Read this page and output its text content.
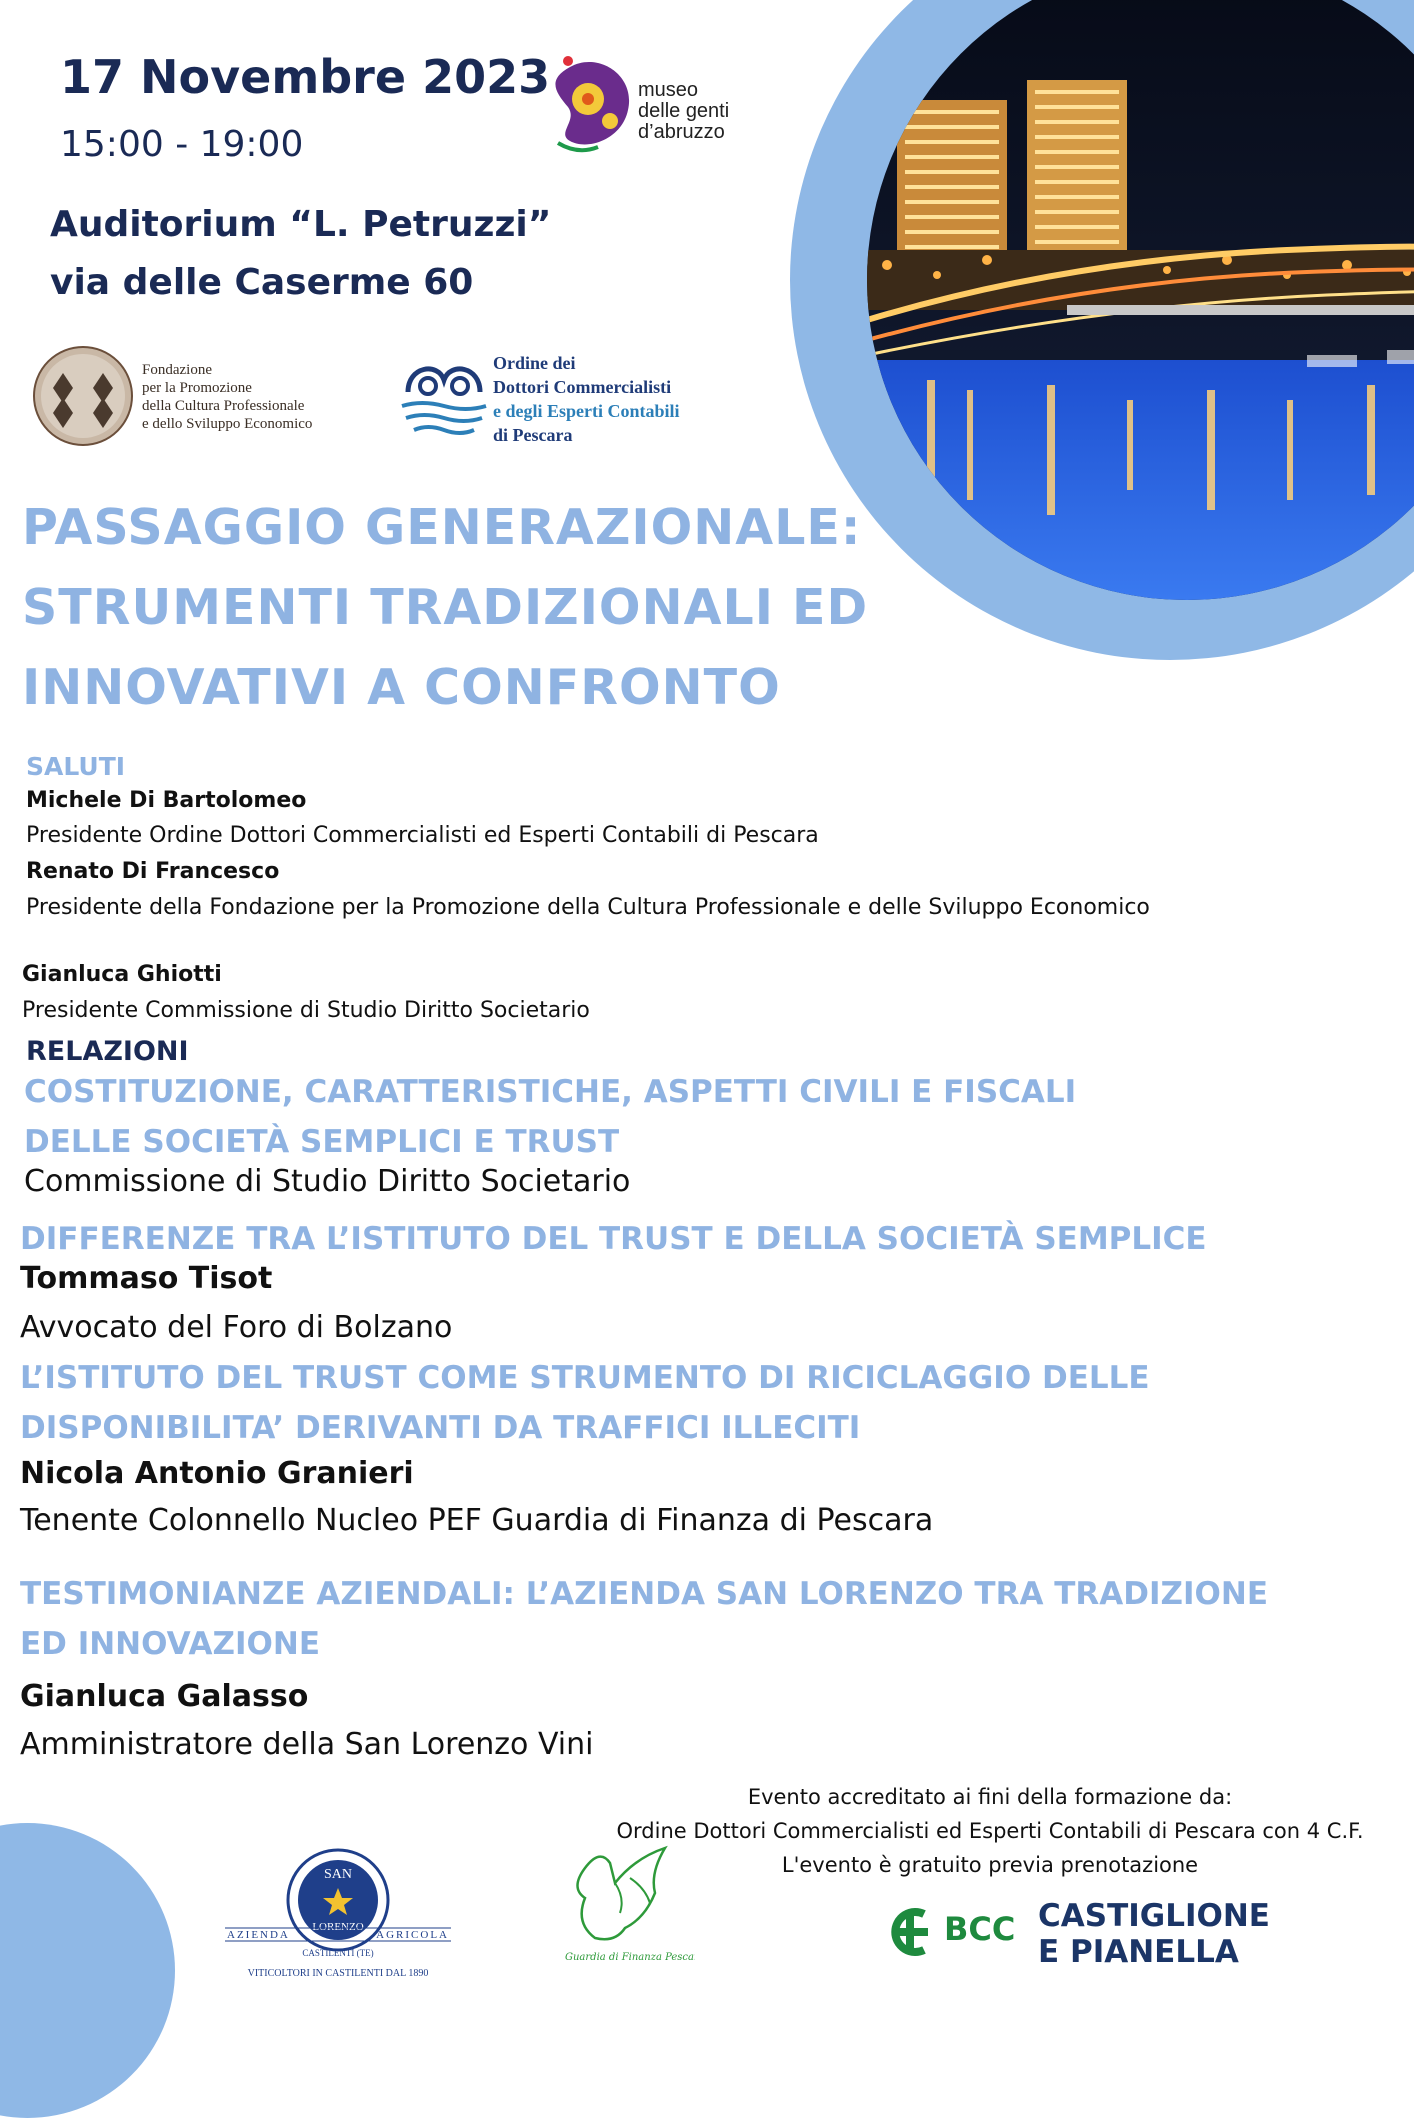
17 Novembre 2023
15:00 - 19:00
Auditorium “L. Petruzzi”
via delle Caserme 60
museo
delle genti
d’abruzzo
Fondazione
per la Promozione
della Cultura Professionale
e dello Sviluppo Economico
Ordine dei
Dottori Commercialisti
e degli Esperti Contabili
di Pescara
PASSAGGIO GENERAZIONALE:
STRUMENTI TRADIZIONALI ED
INNOVATIVI A CONFRONTO
SALUTI
Michele Di Bartolomeo
Presidente Ordine Dottori Commercialisti ed Esperti Contabili di Pescara
Renato Di Francesco
Presidente della Fondazione per la Promozione della Cultura Professionale e delle Sviluppo Economico
Gianluca Ghiotti
Presidente Commissione di Studio Diritto Societario
RELAZIONI
COSTITUZIONE, CARATTERISTICHE, ASPETTI CIVILI E FISCALI
DELLE SOCIETÀ SEMPLICI E TRUST
Commissione di Studio Diritto Societario
DIFFERENZE TRA L’ISTITUTO DEL TRUST E DELLA SOCIETÀ SEMPLICE
Tommaso Tisot
Avvocato del Foro di Bolzano
L’ISTITUTO DEL TRUST COME STRUMENTO DI RICICLAGGIO DELLE
DISPONIBILITA’ DERIVANTI DA TRAFFICI ILLECITI
Nicola Antonio Granieri
Tenente Colonnello Nucleo PEF Guardia di Finanza di Pescara
TESTIMONIANZE AZIENDALI: L’AZIENDA SAN LORENZO TRA TRADIZIONE
ED INNOVAZIONE
Gianluca Galasso
Amministratore della San Lorenzo Vini
Evento accreditato ai fini della formazione da:
Ordine Dottori Commercialisti ed Esperti Contabili di Pescara con 4 C.F.
L'evento è gratuito previa prenotazione
SAN
LORENZO
AZIENDA	AGRICOLA
CASTILENTI (TE)
VITICOLTORI IN CASTILENTI DAL 1890
Guardia di Finanza Pescara
BCC CASTIGLIONE
E PIANELLA
